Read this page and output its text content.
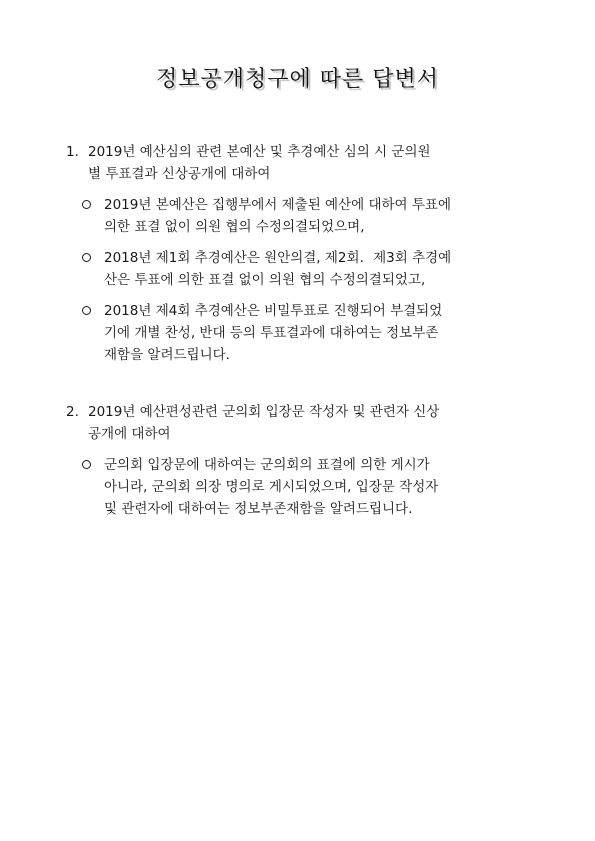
정보공개청구에 따른 답변서
1. 2019년 예산심의 관련 본예산 및 추경예산 심의 시 군의원
별 투표결과 신상공개에 대하여
2019년 본예산은 집행부에서 제출된 예산에 대하여 투표에
의한 표결 없이 의원 협의 수정의결되었으며,
2018년 제1회 추경예산은 원안의결, 제2회．제3회 추경예
산은 투표에 의한 표결 없이 의원 협의 수정의결되었고,
2018년 제4회 추경예산은 비밀투표로 진행되어 부결되었
기에 개별 찬성, 반대 등의 투표결과에 대하여는 정보부존
재함을 알려드립니다.
2. 2019년 예산편성관련 군의회 입장문 작성자 및 관련자 신상
공개에 대하여
군의회 입장문에 대하여는 군의회의 표결에 의한 게시가
아니라, 군의회 의장 명의로 게시되었으며, 입장문 작성자
및 관련자에 대하여는 정보부존재함을 알려드립니다.
